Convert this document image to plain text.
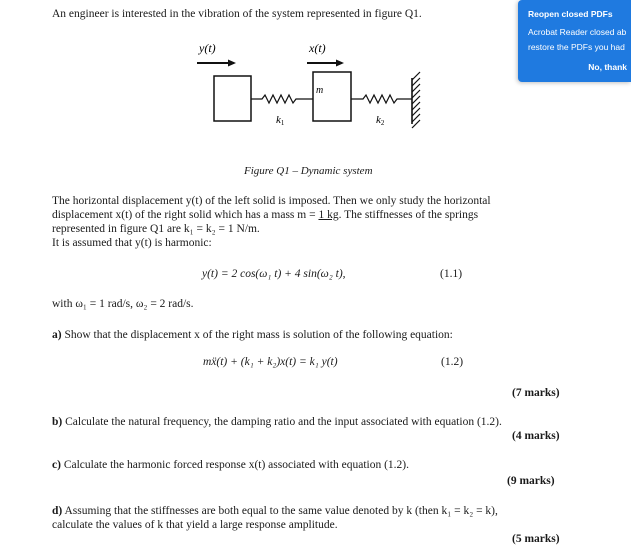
An engineer is interested in the vibration of the system represented in figure Q1.	Reopen closed PDFs
Acrobat Reader closed ab
restore the PDFs you had
No, thank
y(t)	x(t)
k1
m
k2
Figure Q1 – Dynamic system
The horizontal displacement y(t) of the left solid is imposed. Then we only study the horizontal
displacement x(t) of the right solid which has a mass m = 1 kg. The stiffnesses of the springs
represented in figure Q1 are k₁ = k₂ = 1 N/m.
It is assumed that y(t) is harmonic:
y(t) = 2 cos(ω₁ t) + 4 sin(ω₂ t),	(1.1)
with ω₁ = 1 rad/s, ω₂ = 2 rad/s.
a) Show that the displacement x of the right mass is solution of the following equation:
mẍ(t) + (k₁ + k₂)x(t) = k₁ y(t)	(1.2)
(7 marks)
b) Calculate the natural frequency, the damping ratio and the input associated with equation (1.2).
(4 marks)
c) Calculate the harmonic forced response x(t) associated with equation (1.2).
(9 marks)
d) Assuming that the stiffnesses are both equal to the same value denoted by k (then k₁ = k₂ = k),
calculate the values of k that yield a large response amplitude.
(5 marks)
